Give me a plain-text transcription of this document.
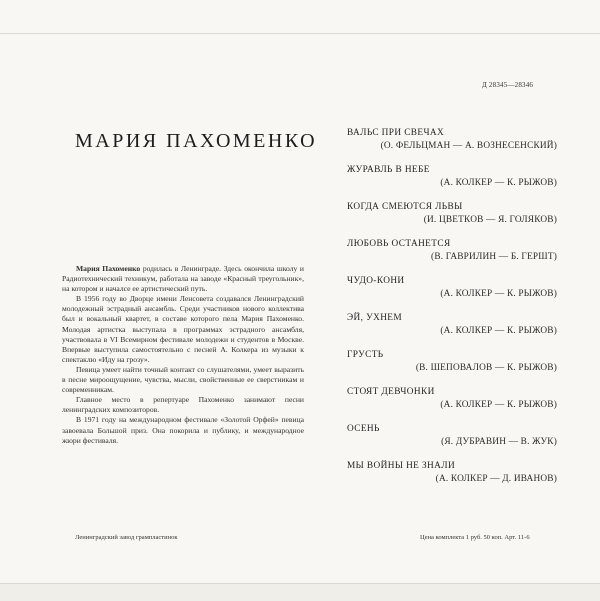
Д 28345—28346
МАРИЯ ПАХОМЕНКО

Мария Пахоменко родилась в Ленинграде. Здесь окончила школу и Радиотехнический техникум, работала на заводе «Красный треугольник», на котором и началсе ее артистический путь.

В 1956 году во Дворце имени Ленсовета создавался Ленинградский молодежный эстрадный ансамбль. Среди участников нового коллектива был и вокальный квартет, в составе которого пела Мария Пахоменко. Молодая артистка выступала в программах эстрадного ансамбля, участвовала в VI Всемирном фестивале молодежи и студентов в Москве. Впервые выступила самостоятельно с песней А. Колкера из музыки к спектаклю «Иду на грозу».

Певица умеет найти точный контакт со слушателями, умеет выразить в песне мироощущение, чувства, мысли, свойственные ее сверстникам и современникам.

Главное место в репертуаре Пахоменко занимают песни ленинградских композиторов.

В 1971 году на международном фестивале «Золотой Орфей» певица завоевала Большой приз. Она покорила и публику, и международное жюри фестиваля.

ВАЛЬС ПРИ СВЕЧАХ
(О. ФЕЛЬЦМАН — А. ВОЗНЕСЕНСКИЙ)
ЖУРАВЛЬ В НЕБЕ
(А. КОЛКЕР — К. РЫЖОВ)
КОГДА СМЕЮТСЯ ЛЬВЫ
(И. ЦВЕТКОВ — Я. ГОЛЯКОВ)
ЛЮБОВЬ ОСТАНЕТСЯ
(В. ГАВРИЛИН — Б. ГЕРШТ)
ЧУДО-КОНИ
(А. КОЛКЕР — К. РЫЖОВ)
ЭЙ, УХНЕМ
(А. КОЛКЕР — К. РЫЖОВ)
ГРУСТЬ
(В. ШЕПОВАЛОВ — К. РЫЖОВ)
СТОЯТ ДЕВЧОНКИ
(А. КОЛКЕР — К. РЫЖОВ)
ОСЕНЬ
(Я. ДУБРАВИН — В. ЖУК)
МЫ ВОЙНЫ НЕ ЗНАЛИ
(А. КОЛКЕР — Д. ИВАНОВ)
Ленинградский завод грампластинок	Цена комплекта 1 руб. 50 коп. Арт. 11-6
